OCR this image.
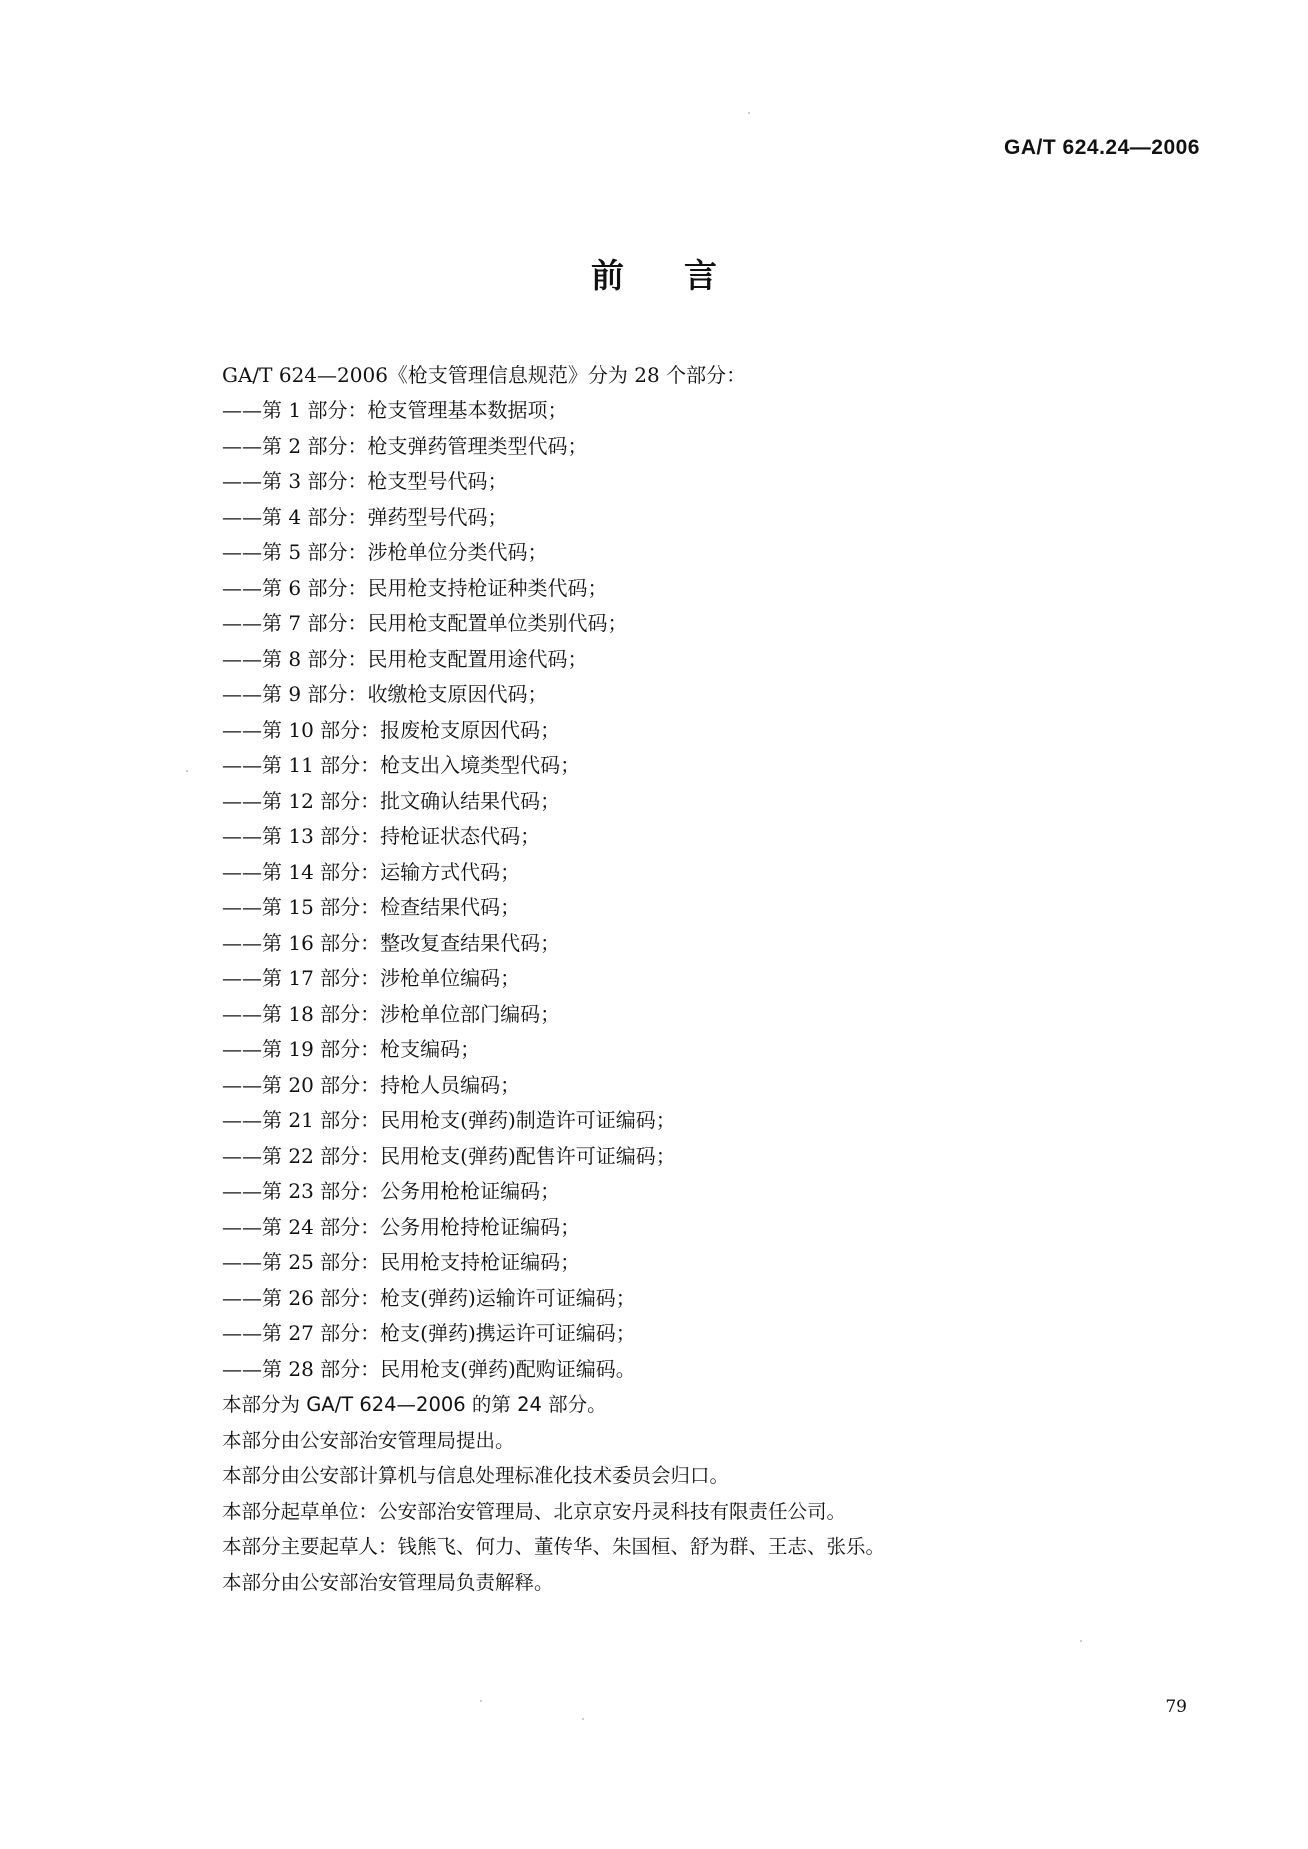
GA/T 624.24—2006
前言
GA/T 624—2006《枪支管理信息规范》分为 28 个部分：
——第 1 部分：枪支管理基本数据项；
——第 2 部分：枪支弹药管理类型代码；
——第 3 部分：枪支型号代码；
——第 4 部分：弹药型号代码；
——第 5 部分：涉枪单位分类代码；
——第 6 部分：民用枪支持枪证种类代码；
——第 7 部分：民用枪支配置单位类别代码；
——第 8 部分：民用枪支配置用途代码；
——第 9 部分：收缴枪支原因代码；
——第 10 部分：报废枪支原因代码；
——第 11 部分：枪支出入境类型代码；
——第 12 部分：批文确认结果代码；
——第 13 部分：持枪证状态代码；
——第 14 部分：运输方式代码；
——第 15 部分：检查结果代码；
——第 16 部分：整改复查结果代码；
——第 17 部分：涉枪单位编码；
——第 18 部分：涉枪单位部门编码；
——第 19 部分：枪支编码；
——第 20 部分：持枪人员编码；
——第 21 部分：民用枪支(弹药)制造许可证编码；
——第 22 部分：民用枪支(弹药)配售许可证编码；
——第 23 部分：公务用枪枪证编码；
——第 24 部分：公务用枪持枪证编码；
——第 25 部分：民用枪支持枪证编码；
——第 26 部分：枪支(弹药)运输许可证编码；
——第 27 部分：枪支(弹药)携运许可证编码；
——第 28 部分：民用枪支(弹药)配购证编码。
本部分为 GA/T 624—2006 的第 24 部分。
本部分由公安部治安管理局提出。
本部分由公安部计算机与信息处理标准化技术委员会归口。
本部分起草单位：公安部治安管理局、北京京安丹灵科技有限责任公司。
本部分主要起草人：钱熊飞、何力、董传华、朱国桓、舒为群、王志、张乐。
本部分由公安部治安管理局负责解释。
79
